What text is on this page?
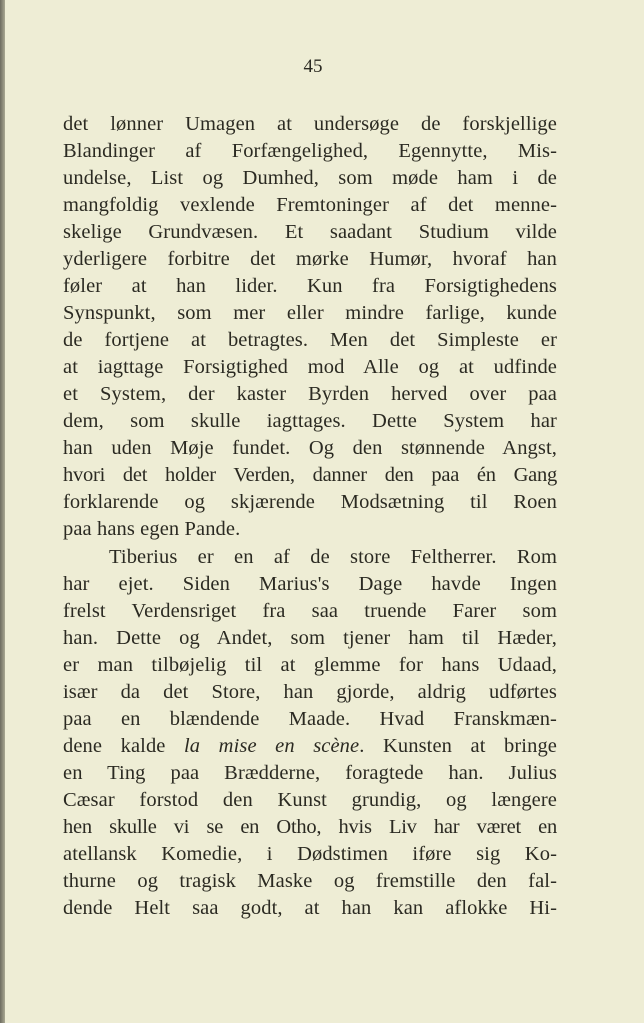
45
det lønner Umagen at undersøge de forskjellige
Blandinger af Forfængelighed, Egennytte, Mis-
undelse, List og Dumhed, som møde ham i de
mangfoldig vexlende Fremtoninger af det menne-
skelige Grundvæsen. Et saadant Studium vilde
yderligere forbitre det mørke Humør, hvoraf han
føler at han lider. Kun fra Forsigtighedens
Synspunkt, som mer eller mindre farlige, kunde
de fortjene at betragtes. Men det Simpleste er
at iagttage Forsigtighed mod Alle og at udfinde
et System, der kaster Byrden herved over paa
dem, som skulle iagttages. Dette System har
han uden Møje fundet. Og den stønnende Angst,
hvori det holder Verden, danner den paa én Gang
forklarende og skjærende Modsætning til Roen
paa hans egen Pande.
Tiberius er en af de store Feltherrer. Rom
har ejet. Siden Marius's Dage havde Ingen
frelst Verdensriget fra saa truende Farer som
han. Dette og Andet, som tjener ham til Hæder,
er man tilbøjelig til at glemme for hans Udaad,
især da det Store, han gjorde, aldrig udførtes
paa en blændende Maade. Hvad Franskmæn-
dene kalde la mise en scène. Kunsten at bringe
en Ting paa Brædderne, foragtede han. Julius
Cæsar forstod den Kunst grundig, og længere
hen skulle vi se en Otho, hvis Liv har været en
atellansk Komedie, i Dødstimen iføre sig Ko-
thurne og tragisk Maske og fremstille den fal-
dende Helt saa godt, at han kan aflokke Hi-
